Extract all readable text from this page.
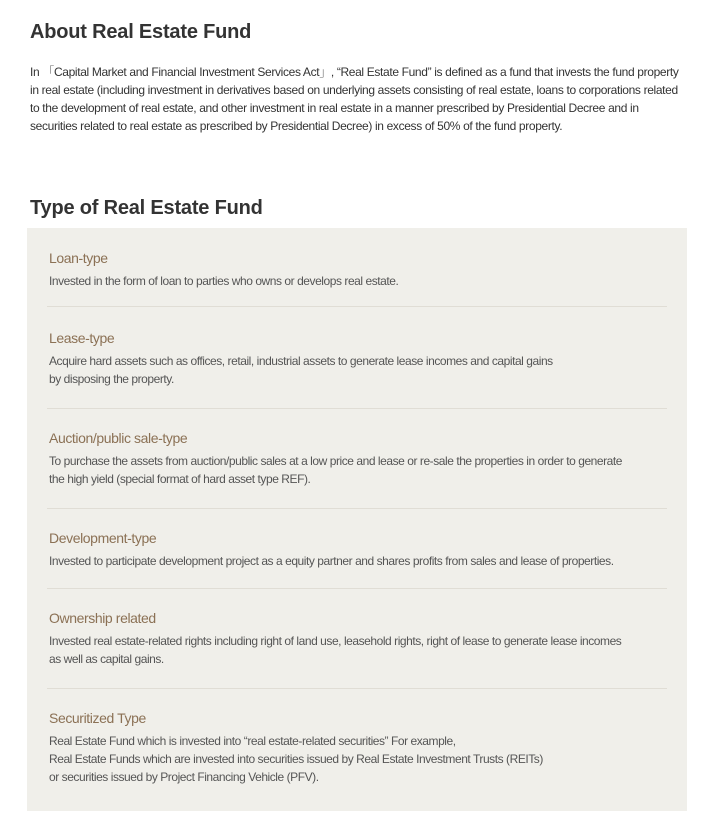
About Real Estate Fund

In 「Capital Market and Financial Investment Services Act」, “Real Estate Fund” is defined as a fund that invests the fund property in real estate (including investment in derivatives based on underlying assets consisting of real estate, loans to corporations related to the development of real estate, and other investment in real estate in a manner prescribed by Presidential Decree and in securities related to real estate as prescribed by Presidential Decree) in excess of 50% of the fund property.

Type of Real Estate Fund
Loan-type

Invested in the form of loan to parties who owns or develops real estate.

Lease-type

Acquire hard assets such as offices, retail, industrial assets to generate lease incomes and capital gains
by disposing the property.

Auction/public sale-type

To purchase the assets from auction/public sales at a low price and lease or re-sale the properties in order to generate
the high yield (special format of hard asset type REF).

Development-type

Invested to participate development project as a equity partner and shares profits from sales and lease of properties.

Ownership related

Invested real estate-related rights including right of land use, leasehold rights, right of lease to generate lease incomes
as well as capital gains.

Securitized Type

Real Estate Fund which is invested into “real estate-related securities” For example,
Real Estate Funds which are invested into securities issued by Real Estate Investment Trusts (REITs)
or securities issued by Project Financing Vehicle (PFV).
